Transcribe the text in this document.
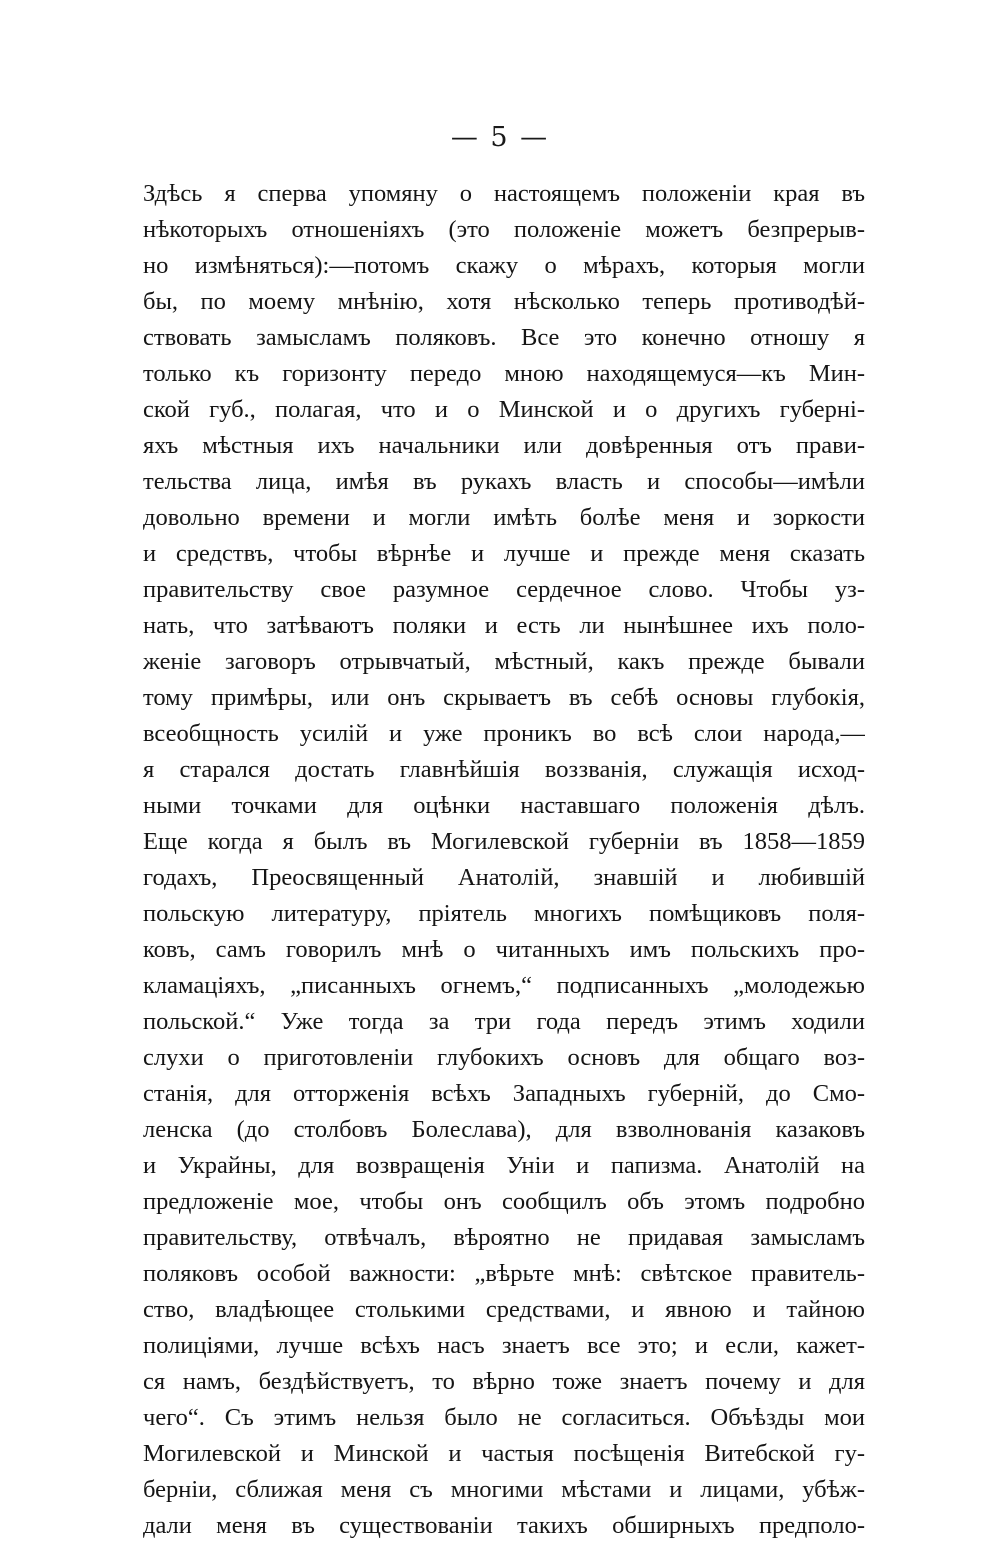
— 5 —
Здѣсь я сперва упомяну о настоящемъ положеніи края въ
нѣкоторыхъ отношеніяхъ (это положеніе можетъ безпрерыв-
но измѣняться):—потомъ скажу о мѣрахъ, которыя могли
бы, по моему мнѣнію, хотя нѣсколько теперь противодѣй-
ствовать замысламъ поляковъ. Все это конечно отношу я
только къ горизонту передо мною находящемуся—къ Мин-
ской губ., полагая, что и о Минской и о другихъ губерні-
яхъ мѣстныя ихъ начальники или довѣренныя отъ прави-
тельства лица, имѣя въ рукахъ власть и способы—имѣли
довольно времени и могли имѣть болѣе меня и зоркости
и средствъ, чтобы вѣрнѣе и лучше и прежде меня сказать
правительству свое разумное сердечное слово. Чтобы уз-
нать, что затѣваютъ поляки и есть ли нынѣшнее ихъ поло-
женіе заговоръ отрывчатый, мѣстный, какъ прежде бывали
тому примѣры, или онъ скрываетъ въ себѣ основы глубокія,
всеобщность усилій и уже проникъ во всѣ слои народа,—
я старался достать главнѣйшія воззванія, служащія исход-
ными точками для оцѣнки наставшаго положенія дѣлъ.
Еще когда я былъ въ Могилевской губерніи въ 1858—1859
годахъ, Преосвященный Анатолій, знавшій и любившій
польскую литературу, пріятель многихъ помѣщиковъ поля-
ковъ, самъ говорилъ мнѣ о читанныхъ имъ польскихъ про-
кламаціяхъ, „писанныхъ огнемъ,“ подписанныхъ „молодежью
польской.“ Уже тогда за три года передъ этимъ ходили
слухи о приготовленіи глубокихъ основъ для общаго воз-
станія, для отторженія всѣхъ Западныхъ губерній, до Смо-
ленска (до столбовъ Болеслава), для взволнованія казаковъ
и Украйны, для возвращенія Уніи и папизма. Анатолій на
предложеніе мое, чтобы онъ сообщилъ объ этомъ подробно
правительству, отвѣчалъ, вѣроятно не придавая замысламъ
поляковъ особой важности: „вѣрьте мнѣ: свѣтское правитель-
ство, владѣющее столькими средствами, и явною и тайною
полиціями, лучше всѣхъ насъ знаетъ все это; и если, кажет-
ся намъ, бездѣйствуетъ, то вѣрно тоже знаетъ почему и для
чего“. Съ этимъ нельзя было не согласиться. Объѣзды мои
Могилевской и Минской и частыя посѣщенія Витебской гу-
берніи, сближая меня съ многими мѣстами и лицами, убѣж-
дали меня въ существованіи такихъ обширныхъ предполо-
